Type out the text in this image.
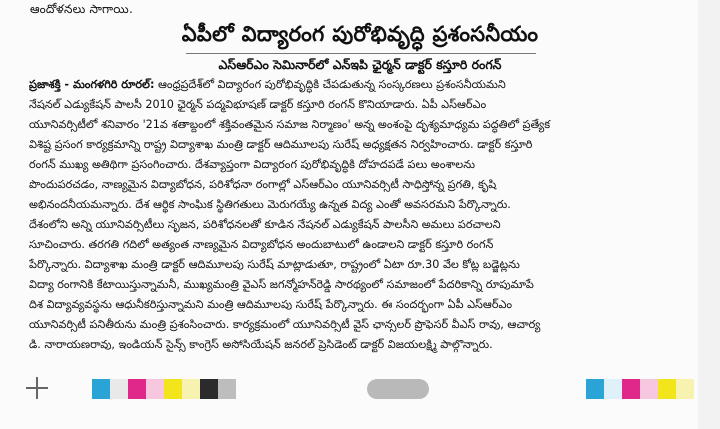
ఆందోళనలు సాగాయి.
ఏపీలో విద్యారంగ పురోభివృద్ధి ప్రశంసనీయం
ఎస్‌ఆర్‌ఎం సెమినార్‌లో ఎన్‌ఇపి ఛైర్మన్‌ డాక్టర్‌ కస్తూరి రంగన్‌
ప్రజాశక్తి - మంగళగిరి రూరల్‌: ఆంధ్రప్రదేశ్‌లో విద్యారంగ పురోభివృద్ధికి చేపడుతున్న సంస్కరణలు ప్రశంసనీయమని
నేషనల్‌ ఎడ్యుకేషన్‌ పాలసీ 2010 ఛైర్మన్‌ పద్మవిభూషణ్‌ డాక్టర్‌ కస్తూరి రంగన్‌ కొనియాడారు. ఏపీ ఎస్‌ఆర్‌ఎం
యూనివర్సిటీలో శనివారం '21వ శతాబ్దంలో శక్తివంతమైన సమాజ నిర్మాణం' అన్న అంశంపై దృశ్యమాధ్యమ పద్ధతిలో ప్రత్యేక
విశిష్ట ప్రసంగ కార్యక్రమాన్ని రాష్ట్ర విద్యాశాఖ మంత్రి డాక్టర్‌ ఆదిమూలపు సురేష్‌ అధ్యక్షతన నిర్వహించారు. డాక్టర్‌ కస్తూరి
రంగన్‌ ముఖ్య అతిథిగా ప్రసంగించారు. దేశవ్యాప్తంగా విద్యారంగ పురోభివృద్ధికి దోహదపడే పలు అంశాలను
పొందుపరచడం, నాణ్యమైన విద్యాబోధన, పరిశోధనా రంగాల్లో ఎస్‌ఆర్‌ఎం యూనివర్సిటీ సాధిస్తోన్న ప్రగతి, కృషి
అభినందనీయమన్నారు. దేశ ఆర్థిక సాంఘిక స్థితిగతులు మెరుగయ్యే ఉన్నత విద్య ఎంతో అవసరమని పేర్కొన్నారు.
దేశంలోని అన్ని యూనివర్సిటీలు సృజన, పరిశోధనలతో కూడిన నేషనల్‌ ఎడ్యుకేషన్‌ పాలసీని అమలు పరచాలని
సూచించారు. తరగతి గదిలో అత్యంత నాణ్యమైన విద్యాబోధన అందుబాటులో ఉండాలని డాక్టర్‌ కస్తూరి రంగన్‌
పేర్కొన్నారు. విద్యాశాఖ మంత్రి డాక్టర్‌ ఆదిమూలపు సురేష్‌ మాట్లాడుతూ, రాష్ట్రంలో ఏటా రూ.30 వేల కోట్ల బడ్జెట్లను
విద్యా రంగానికి కేటాయిస్తున్నామనీ, ముఖ్యమంత్రి వైఎస్‌ జగన్మోహన్‌రెడ్డి సారథ్యంలో సమాజంలో పేదరికాన్ని రూపుమాపే
దిశ విద్యావ్యవస్థను ఆధునీకరిస్తున్నామని మంత్రి ఆదిమూలపు సురేష్‌ పేర్కొన్నారు. ఈ సందర్భంగా ఏపీ ఎస్‌ఆర్‌ఎం
యూనివర్సిటీ పనితీరును మంత్రి ప్రశంసించారు. కార్యక్రమంలో యూనివర్సిటీ వైస్‌ ఛాన్సలర్‌ ప్రొఫెసర్‌ వీఎస్‌ రావు, ఆచార్య
డి. నారాయణరావు, ఇండియన్‌ సైన్స్‌ కాంగ్రెస్‌ అసోసియేషన్‌ జనరల్‌ ప్రెసిడెంట్‌ డాక్టర్‌ విజయలక్ష్మి పాల్గొన్నారు.
